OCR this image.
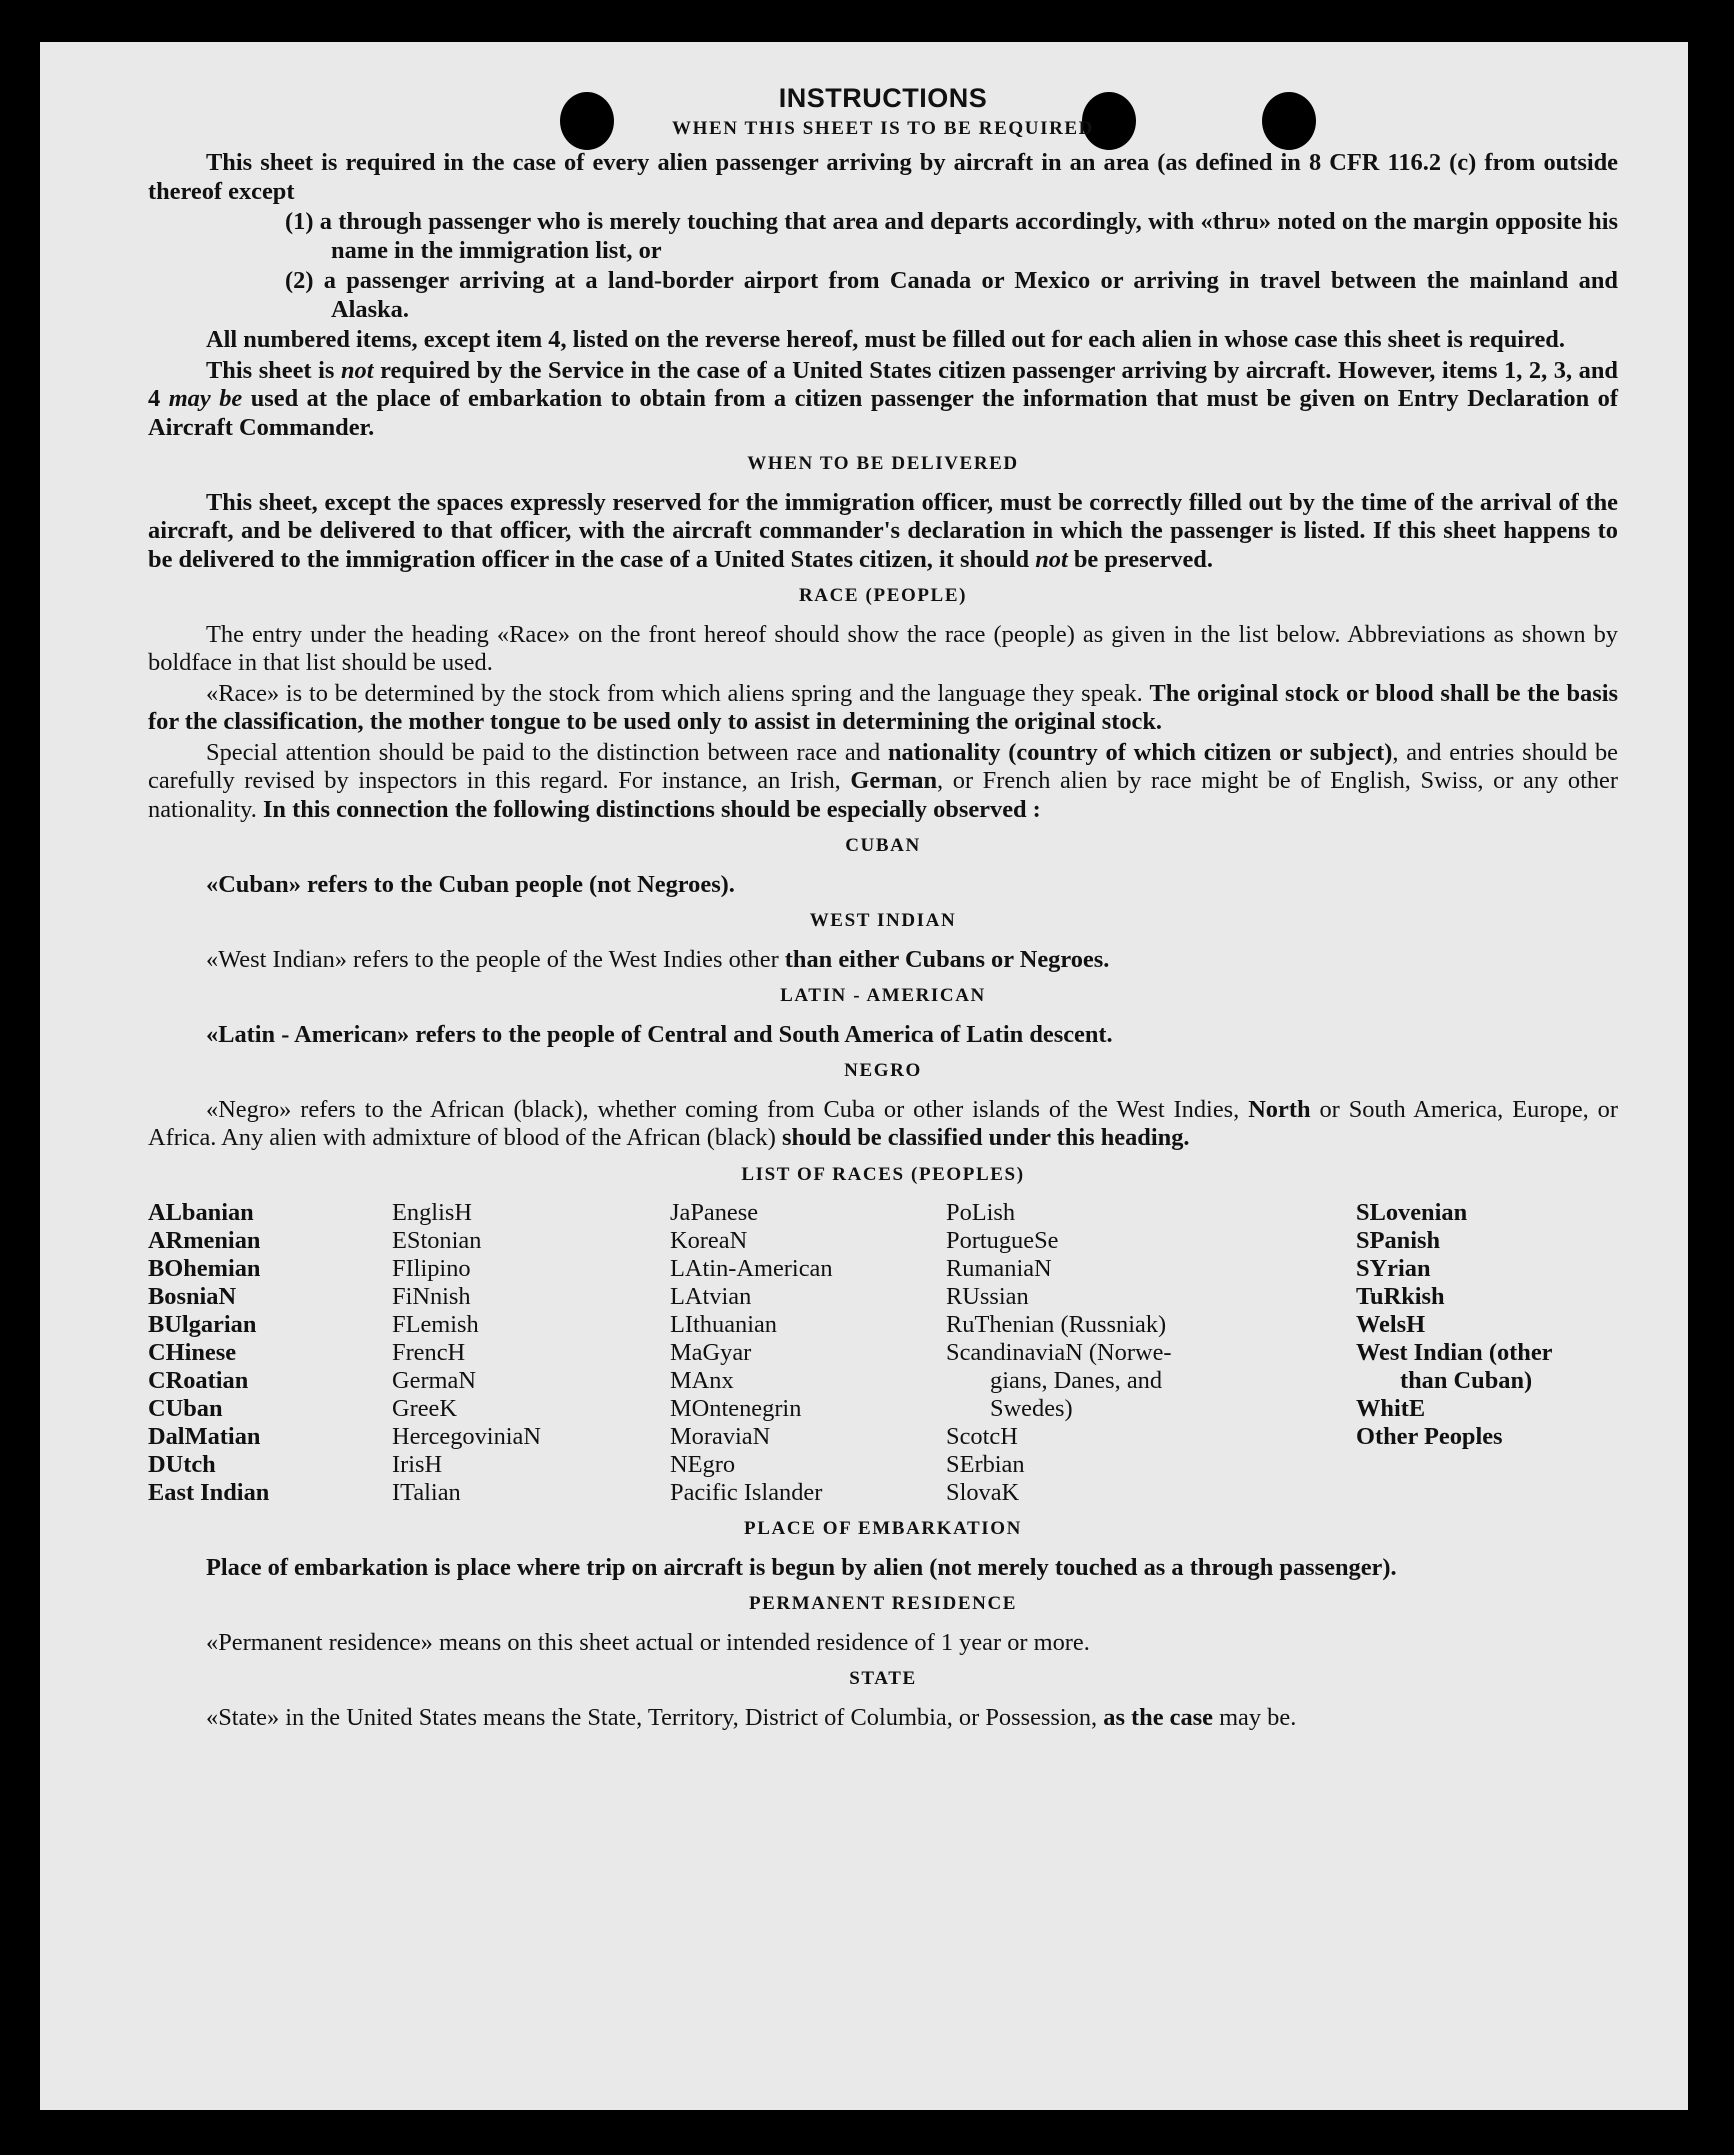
INSTRUCTIONS
WHEN THIS SHEET IS TO BE REQUIRED

This sheet is required in the case of every alien passenger arriving by aircraft in an area (as defined in 8 CFR 116.2 (c) from outside thereof except

(1) a through passenger who is merely touching that area and departs accordingly, with «thru» noted on the margin opposite his name in the immigration list, or

(2) a passenger arriving at a land-border airport from Canada or Mexico or arriving in travel between the mainland and Alaska.

All numbered items, except item 4, listed on the reverse hereof, must be filled out for each alien in whose case this sheet is required.

This sheet is not required by the Service in the case of a United States citizen passenger arriving by aircraft. However, items 1, 2, 3, and 4 may be used at the place of embarkation to obtain from a citizen passenger the information that must be given on Entry Declaration of Aircraft Commander.

WHEN TO BE DELIVERED

This sheet, except the spaces expressly reserved for the immigration officer, must be correctly filled out by the time of the arrival of the aircraft, and be delivered to that officer, with the aircraft commander's declaration in which the passenger is listed. If this sheet happens to be delivered to the immigration officer in the case of a United States citizen, it should not be preserved.

RACE (PEOPLE)

The entry under the heading «Race» on the front hereof should show the race (people) as given in the list below. Abbreviations as shown by boldface in that list should be used.

«Race» is to be determined by the stock from which aliens spring and the language they speak. The original stock or blood shall be the basis for the classification, the mother tongue to be used only to assist in determining the original stock.

Special attention should be paid to the distinction between race and nationality (country of which citizen or subject), and entries should be carefully revised by inspectors in this regard. For instance, an Irish, German, or French alien by race might be of English, Swiss, or any other nationality. In this connection the following distinctions should be especially observed :

CUBAN

«Cuban» refers to the Cuban people (not Negroes).

WEST INDIAN

«West Indian» refers to the people of the West Indies other than either Cubans or Negroes.

LATIN - AMERICAN

«Latin - American» refers to the people of Central and South America of Latin descent.

NEGRO

«Negro» refers to the African (black), whether coming from Cuba or other islands of the West Indies, North or South America, Europe, or Africa. Any alien with admixture of blood of the African (black) should be classified under this heading.

LIST OF RACES (PEOPLES)
ALbanian
ARmenian
BOhemian
BosniaN
BUlgarian
CHinese
CRoatian
CUban
DalMatian
DUtch
East Indian
EnglisH
EStonian
FIlipino
FiNnish
FLemish
FrencH
GermaN
GreeK
HercegoviniaN
IrisH
ITalian
JaPanese
KoreaN
LAtin-American
LAtvian
LIthuanian
MaGyar
MAnx
MOntenegrin
MoraviaN
NEgro
Pacific Islander
PoLish
PortugueSe
RumaniaN
RUssian
RuThenian (Russniak)
ScandinaviaN (Norwe-
gians, Danes, and
Swedes)
ScotcH
SErbian
SlovaK
SLovenian
SPanish
SYrian
TuRkish
WelsH
West Indian (other
than Cuban)
WhitE
Other Peoples
PLACE OF EMBARKATION

Place of embarkation is place where trip on aircraft is begun by alien (not merely touched as a through passenger).

PERMANENT RESIDENCE

«Permanent residence» means on this sheet actual or intended residence of 1 year or more.

STATE

«State» in the United States means the State, Territory, District of Columbia, or Possession, as the case may be.
